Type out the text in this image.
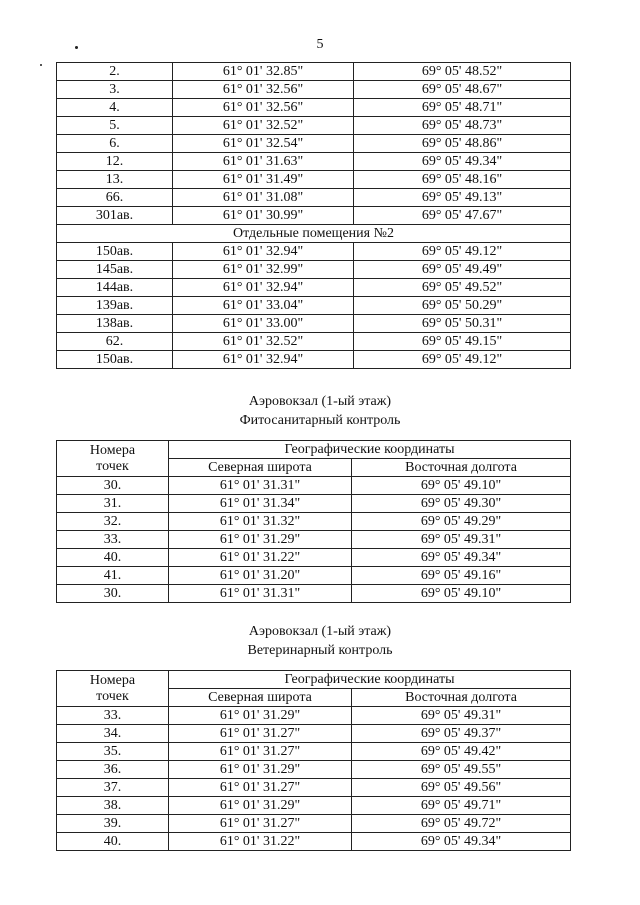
5
2.	61° 01' 32.85"	69° 05' 48.52"
3.	61° 01' 32.56"	69° 05' 48.67"
4.	61° 01' 32.56"	69° 05' 48.71"
5.	61° 01' 32.52"	69° 05' 48.73"
6.	61° 01' 32.54"	69° 05' 48.86"
12.	61° 01' 31.63"	69° 05' 49.34"
13.	61° 01' 31.49"	69° 05' 48.16"
66.	61° 01' 31.08"	69° 05' 49.13"
301ав.	61° 01' 30.99"	69° 05' 47.67"
Отдельные помещения №2		
150ав.	61° 01' 32.94"	69° 05' 49.12"
145ав.	61° 01' 32.99"	69° 05' 49.49"
144ав.	61° 01' 32.94"	69° 05' 49.52"
139ав.	61° 01' 33.04"	69° 05' 50.29"
138ав.	61° 01' 33.00"	69° 05' 50.31"
62.	61° 01' 32.52"	69° 05' 49.15"
150ав.	61° 01' 32.94"	69° 05' 49.12"
Аэровокзал (1-ый этаж)
Фитосанитарный контроль
Номера
точек	Географические координаты	
	Северная широта	Восточная долгота
30.	61° 01' 31.31"	69° 05' 49.10"
31.	61° 01' 31.34"	69° 05' 49.30"
32.	61° 01' 31.32"	69° 05' 49.29"
33.	61° 01' 31.29"	69° 05' 49.31"
40.	61° 01' 31.22"	69° 05' 49.34"
41.	61° 01' 31.20"	69° 05' 49.16"
30.	61° 01' 31.31"	69° 05' 49.10"
Аэровокзал (1-ый этаж)
Ветеринарный контроль
Номера
точек	Географические координаты	
	Северная широта	Восточная долгота
33.	61° 01' 31.29"	69° 05' 49.31"
34.	61° 01' 31.27"	69° 05' 49.37"
35.	61° 01' 31.27"	69° 05' 49.42"
36.	61° 01' 31.29"	69° 05' 49.55"
37.	61° 01' 31.27"	69° 05' 49.56"
38.	61° 01' 31.29"	69° 05' 49.71"
39.	61° 01' 31.27"	69° 05' 49.72"
40.	61° 01' 31.22"	69° 05' 49.34"
